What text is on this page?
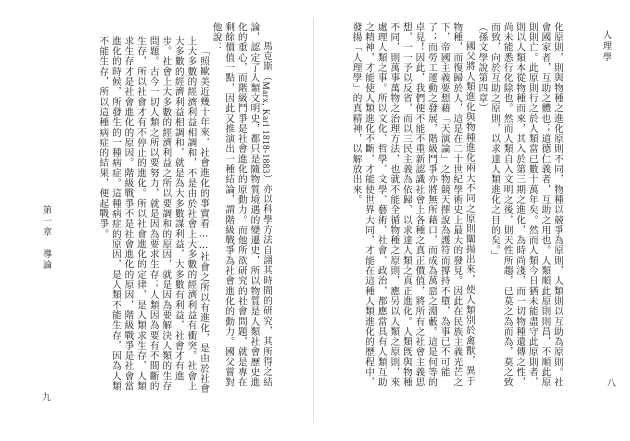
第一章　導論

馬克斯（Marx, Karl 1818-1883）亦以科學方法自詡其時間的研究，其所得之結論，認定了人類文明史，都只是隨物質境遇的變遷史，所以物質是人類社會歷史進化的重心，而階級鬥爭是社會進化的原動力。而他所欲研究的社會問題，就是專在剩餘價值一點，因此又推演出一種結論，謂階級戰爭為社會進化的動力。國父嘗對他說：

「照歐美近幾十年來，社會進化的事實看……社會之所以有進化，是由於社會上大多數的經濟利益相調和，不是由於社會上大多數的經濟利益有衝突。社會上大多數的經濟利益相調和，就是為大多數謀利益，大多數有利益，社會才有進步。社會上大多數的經濟利益之所以要調和的原因，就是因為要解決人類的生存問題。古今一切人類之所以要努力，就是因為要求生存；人類因為要有不間斷的生存，所以社會才有不停止的進化。所以社會進化的定律，是人類求生存，人類求生存才是社會進化的原因。階級戰爭不是社會進化的原因，階級戰爭是社會當進化的時候，所發生的一種病症。這種病症的原因，是人類不能生存，因為人類不能生存，所以這種病症的結果，便起戰爭。

九
人理學

化原則，則與物種之進化原則不同，物種以競爭為原則，人類則以互助為原則。社會國家者，互助之體也；道德仁義者，互助之用也。人類順此原則則昌，不順此原則則亡。此原則行之於人類當已數十萬年矣。然而人類今日猶未能盡守此原則者，則以人類本從物種而來，其入於第三期之進化，為時尚淺，而一切物種遺傳之性，尚未能悉行化除也。然而人類自入文明之後，則天性所趨，已莫之為而為，莫之致而致，向於互助之原則，以求達人類進化之目的矣。」

（孫文學說第四章）

國父將人類進化與物種進化兩大不同之原則闡揚出來，使人類別於禽獸，異于物種，而復歸於人，這是在二十世紀學術史上最大的發見。因此在民族主義光芒之下，帝國主義要想藉「天演論」之物競天擇說為護符而撐持不墮，為事已不可能了；而勞工運動之發展，階級鬥爭亦將無所藉口，而成為萬惡之淵藪。這是何等的卓見！因此，我們便不能不重新認識社會上各種之真正價值，將所有之社會主義思想，一一予以反省，而以三民主義為依歸，以求達人類之真正進化。人類旣與物種不同，則萬事萬物之治理方法，也就不能全循物種之原則，應另以人類之原則，來處理人類之事。所以文化、哲學、文學、藝術、社會、政治，都應當具有人類互助之精神，才能使人類進化不斷，才能使世界大同，才能在這種人類進化的歷程中，發揚「人理學」的真精神，以解放出來。

八
